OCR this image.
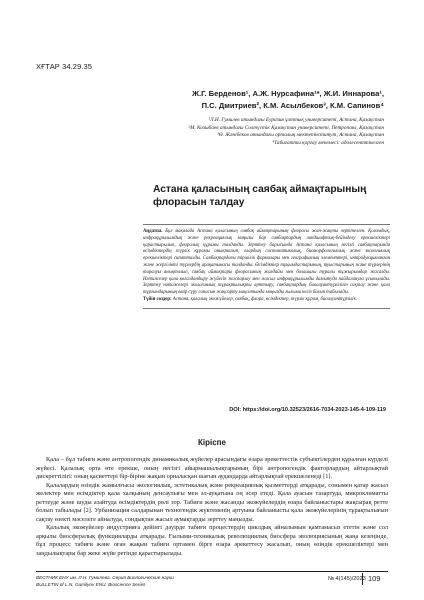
ХҒТАР 34.29.35
Ж.Г. Берденов¹, А.Ж. Нурсафина¹*, Ж.И. Иннарова¹,
П.С. Дмитриев², К.М. Асылбеков³, К.М. Сапинов⁴
¹Л.Н. Гумилев атындағы Еуразия ұлттық университеті, Астана, Қазақстан
²М. Козыбаев атындағы Солтүстік Қазақстан университеті, Петропавл, Қазақстан
³Ө. Жәнібеков атындағы орталық мектепінститут, Астана, Қазақстан
⁴Табиғатты қорғау мекемесі: адолесенттікелген
Астана қаласының саябақ аймақтарының флорасын талдау

Аңдатпа. Бұл мақалада Астана қаласының саябақ аймақтарының флорасы жан-жақты зерттелген. Қоғамдық, инфрақұрылымдық және рекреациялық маңызы бар саябақтардың ландшафтық-бейімделу ерекшеліктері қарастырылып, флоралық құрамы талданды. Зерттеу барысында Астана қаласының негізгі саябақтарында өсімдіктердің түрлік құрамы анықталып, олардың систематикалық, биоморфологиялық және экологиялық ерекшеліктері сипатталды. Саябақтардағы тіршілік формалары мен географиялық элементтері, интродукцияланған және жергілікті түрлердің арақатынасы талданды. Өсімдіктер тұқымдастарының, туыстарының және түрлерінің таралуы анықталып, саябақ аймақтары флорасының жағдайы мен болашағы туралы тұжырымдар жасалды. Нәтижелер қала көгалдандыру жүйесін жоспарлау мен жасыл инфрақұрылымды дамытуда пайдалануға ұсынылады. Зерттеу нәтижелері экологиялық тұрақтылықты арттыру, саябақтардың биоалуантүрлілігін сақтау және қала тұрғындарының өмір сүру сапасын жақсарту мақсатында маңызды ғылыми негіз болып табылады.

Түйін сөздер: Астана, қалалық экожүйелер, саябақ, флора, өсімдіктер, түрлік құрам, биоалуантүрлілік.

DOI: https://doi.org/10.32523/2616-7034-2023-145-4-109-119
Кіріспе

Қала – бұл табиғи және антропогендік динамикалық жүйелер арасындағы өзара әрекеттестік субъектілерден құралған күрделі жүйесі. Қалалық орта өте ерекше, оның негізгі айырмашылықтарының бірі антропогендік факторлардың айтарлықтай дискреттілігі: оның қасиеттері бір-біріне жақын орналасқан шағын аудандарда айтарлықтай ерекшеленеді [1].

Қалалардың өзіндік жамылғысы экологиялық, эстетикалық және рекреациялық қызметтерді атқарады, сонымен қатар жасыл желектер мен өсімдіктер қала халқының денсаулығы мен әл-ауқатына оң әсер етеді. Қала ауасын тазартуда, микроклиматты реттеуде және шуды азайтуда өсімдіктердің рөлі зор. Табиғи және жасанды экожүйелердің өзара байланыстары жақсырақ ретте болып табылады [2]. Урбанизация салдарынан техногендік жүктеменің артуына байланысты қала экожүйелерінің тұрақтылығын сақтау өзекті мәселеге айналуда, сондықтан жасыл аумақтарды зерттеу маңызды.

Қалалық экожүйелер индустрияға дейінгі дәуірде табиғи процестердің циклдық айналымын қамтамасыз ететін және сол арқылы биосфералық функцияларды атқарады. Ғылыми-техникалық революциялық биосфера эволюциясының жаңа кезеңінде, бұл процесс табиғи және оған жақын табиғи ортамен бірге өзара әрекеттесу жасалып, оның өзіндік ерекшеліктері мен заңдылықтары бар жеке жүйе ретінде қарастырылады.

ВЕСТНИК ЕНУ им. Л.Н. Гумилева. Серия Биологические науки
BULLETIN of L.N. Gumilyov ENU. Bioscience Series
№ 4(145)/2023 109
